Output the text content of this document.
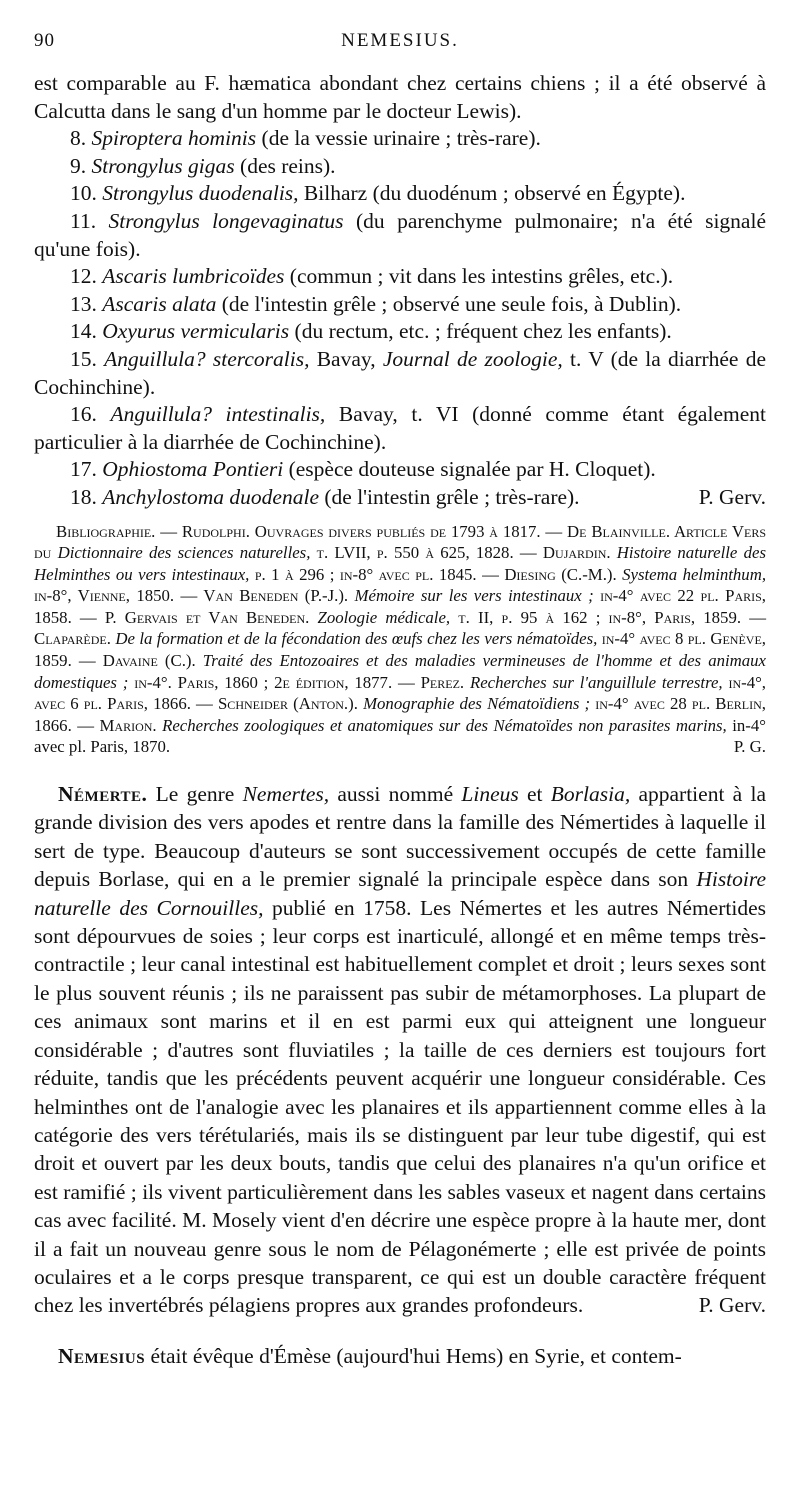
90	NEMESIUS.

est comparable au F. hæmatica abondant chez certains chiens ; il a été observé à Calcutta dans le sang d'un homme par le docteur Lewis).

8. Spiroptera hominis (de la vessie urinaire ; très-rare).

9. Strongylus gigas (des reins).

10. Strongylus duodenalis, Bilharz (du duodénum ; observé en Égypte).

11. Strongylus longevaginatus (du parenchyme pulmonaire; n'a été signalé qu'une fois).

12. Ascaris lumbricoïdes (commun ; vit dans les intestins grêles, etc.).

13. Ascaris alata (de l'intestin grêle ; observé une seule fois, à Dublin).

14. Oxyurus vermicularis (du rectum, etc. ; fréquent chez les enfants).

15. Anguillula? stercoralis, Bavay, Journal de zoologie, t. V (de la diarrhée de Cochinchine).

16. Anguillula? intestinalis, Bavay, t. VI (donné comme étant également particulier à la diarrhée de Cochinchine).

17. Ophiostoma Pontieri (espèce douteuse signalée par H. Cloquet).

18. Anchylostoma duodenale (de l'intestin grêle ; très-rare).	P. Gerv.

Bibliographie. — Rudolphi. Ouvrages divers publiés de 1793 à 1817. — De Blainville. Article Vers du Dictionnaire des sciences naturelles, t. LVII, p. 550 à 625, 1828. — Dujardin. Histoire naturelle des Helminthes ou vers intestinaux, p. 1 à 296 ; in-8° avec pl. 1845. — Diesing (C.-M.). Systema helminthum, in-8°, Vienne, 1850. — Van Beneden (P.-J.). Mémoire sur les vers intestinaux ; in-4° avec 22 pl. Paris, 1858. — P. Gervais et Van Beneden. Zoologie médicale, t. II, p. 95 à 162 ; in-8°, Paris, 1859. — Claparède. De la formation et de la fécondation des œufs chez les vers nématoïdes, in-4° avec 8 pl. Genève, 1859. — Davaine (C.). Traité des Entozoaires et des maladies vermineuses de l'homme et des animaux domestiques ; in-4°. Paris, 1860 ; 2e édition, 1877. — Perez. Recherches sur l'anguillule terrestre, in-4°, avec 6 pl. Paris, 1866. — Schneider (Anton.). Monographie des Nématoïdiens ; in-4° avec 28 pl. Berlin, 1866. — Marion. Recherches zoologiques et anatomiques sur des Nématoïdes non parasites marins, in-4° avec pl. Paris, 1870.	P. G.
Némerte. Le genre Nemertes, aussi nommé Lineus et Borlasia, appartient à la grande division des vers apodes et rentre dans la famille des Némertides à laquelle il sert de type. Beaucoup d'auteurs se sont successivement occupés de cette famille depuis Borlase, qui en a le premier signalé la principale espèce dans son Histoire naturelle des Cornouilles, publié en 1758. Les Némertes et les autres Némertides sont dépourvues de soies ; leur corps est inarticulé, allongé et en même temps très-contractile ; leur canal intestinal est habituellement complet et droit ; leurs sexes sont le plus souvent réunis ; ils ne paraissent pas subir de métamorphoses. La plupart de ces animaux sont marins et il en est parmi eux qui atteignent une longueur considérable ; d'autres sont fluviatiles ; la taille de ces derniers est toujours fort réduite, tandis que les précédents peuvent acquérir une longueur considérable. Ces helminthes ont de l'analogie avec les planaires et ils appartiennent comme elles à la catégorie des vers térétulariés, mais ils se distinguent par leur tube digestif, qui est droit et ouvert par les deux bouts, tandis que celui des planaires n'a qu'un orifice et est ramifié ; ils vivent particulièrement dans les sables vaseux et nagent dans certains cas avec facilité. M. Mosely vient d'en décrire une espèce propre à la haute mer, dont il a fait un nouveau genre sous le nom de Pélagonémerte ; elle est privée de points oculaires et a le corps presque transparent, ce qui est un double caractère fréquent chez les invertébrés pélagiens propres aux grandes profondeurs.	P. Gerv.
Nemesius était évêque d'Émèse (aujourd'hui Hems) en Syrie, et contem-
